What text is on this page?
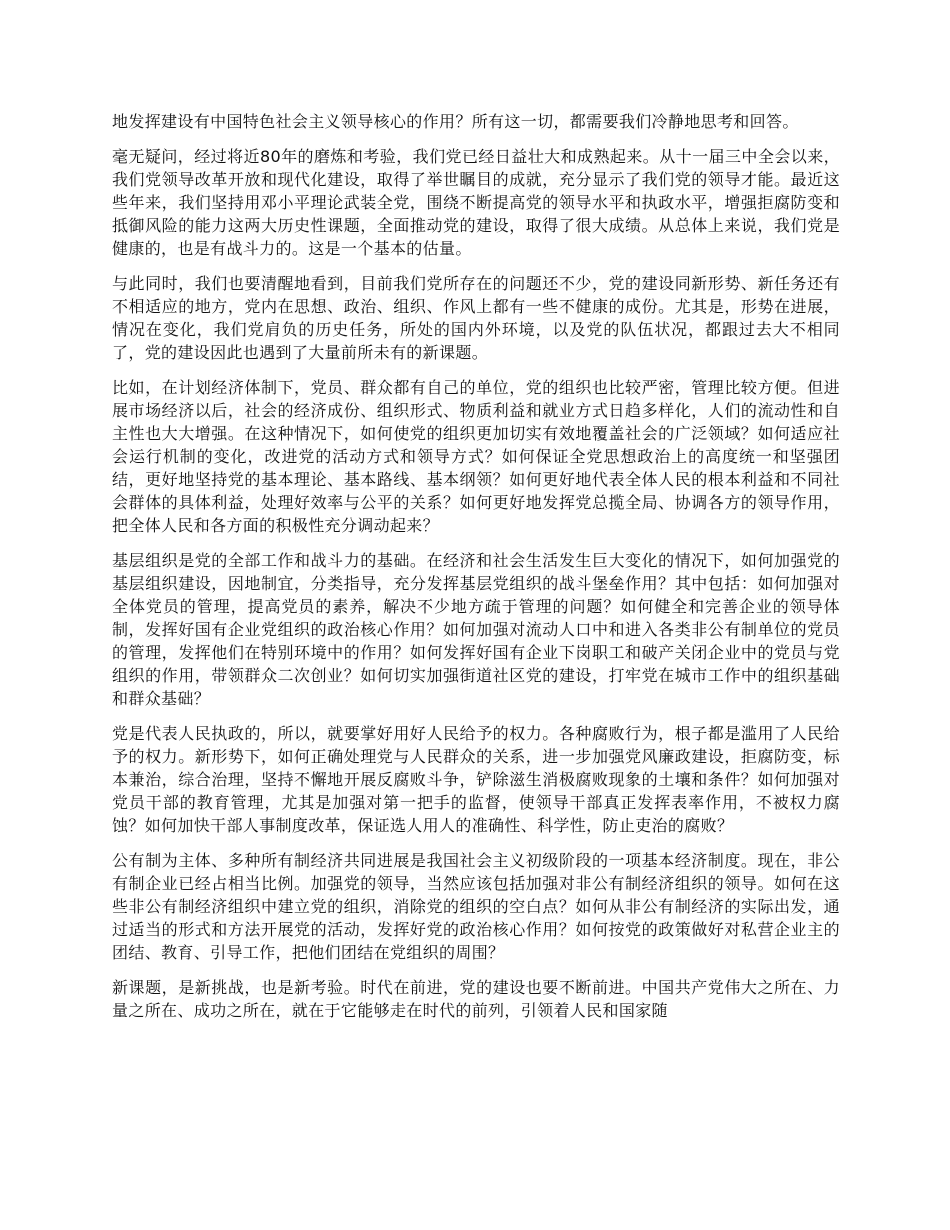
地发挥建设有中国特色社会主义领导核心的作用？所有这一切，都需要我们冷静地思考和回答。

毫无疑问，经过将近80年的磨炼和考验，我们党已经日益壮大和成熟起来。从十一届三中全会以来，我们党领导改革开放和现代化建设，取得了举世瞩目的成就，充分显示了我们党的领导才能。最近这些年来，我们坚持用邓小平理论武装全党，围绕不断提高党的领导水平和执政水平，增强拒腐防变和抵御风险的能力这两大历史性课题，全面推动党的建设，取得了很大成绩。从总体上来说，我们党是健康的，也是有战斗力的。这是一个基本的估量。

与此同时，我们也要清醒地看到，目前我们党所存在的问题还不少，党的建设同新形势、新任务还有不相适应的地方，党内在思想、政治、组织、作风上都有一些不健康的成份。尤其是，形势在进展，情况在变化，我们党肩负的历史任务，所处的国内外环境，以及党的队伍状况，都跟过去大不相同了，党的建设因此也遇到了大量前所未有的新课题。

比如，在计划经济体制下，党员、群众都有自己的单位，党的组织也比较严密，管理比较方便。但进展市场经济以后，社会的经济成份、组织形式、物质利益和就业方式日趋多样化，人们的流动性和自主性也大大增强。在这种情况下，如何使党的组织更加切实有效地覆盖社会的广泛领域？如何适应社会运行机制的变化，改进党的活动方式和领导方式？如何保证全党思想政治上的高度统一和坚强团结，更好地坚持党的基本理论、基本路线、基本纲领？如何更好地代表全体人民的根本利益和不同社会群体的具体利益，处理好效率与公平的关系？如何更好地发挥党总揽全局、协调各方的领导作用，把全体人民和各方面的积极性充分调动起来？

基层组织是党的全部工作和战斗力的基础。在经济和社会生活发生巨大变化的情况下，如何加强党的基层组织建设，因地制宜，分类指导，充分发挥基层党组织的战斗堡垒作用？其中包括：如何加强对全体党员的管理，提高党员的素养，解决不少地方疏于管理的问题？如何健全和完善企业的领导体制，发挥好国有企业党组织的政治核心作用？如何加强对流动人口中和进入各类非公有制单位的党员的管理，发挥他们在特别环境中的作用？如何发挥好国有企业下岗职工和破产关闭企业中的党员与党组织的作用，带领群众二次创业？如何切实加强街道社区党的建设，打牢党在城市工作中的组织基础和群众基础？

党是代表人民执政的，所以，就要掌好用好人民给予的权力。各种腐败行为，根子都是滥用了人民给予的权力。新形势下，如何正确处理党与人民群众的关系，进一步加强党风廉政建设，拒腐防变，标本兼治，综合治理，坚持不懈地开展反腐败斗争，铲除滋生消极腐败现象的土壤和条件？如何加强对党员干部的教育管理，尤其是加强对第一把手的监督，使领导干部真正发挥表率作用，不被权力腐蚀？如何加快干部人事制度改革，保证选人用人的准确性、科学性，防止吏治的腐败？

公有制为主体、多种所有制经济共同进展是我国社会主义初级阶段的一项基本经济制度。现在，非公有制企业已经占相当比例。加强党的领导，当然应该包括加强对非公有制经济组织的领导。如何在这些非公有制经济组织中建立党的组织，消除党的组织的空白点？如何从非公有制经济的实际出发，通过适当的形式和方法开展党的活动，发挥好党的政治核心作用？如何按党的政策做好对私营企业主的团结、教育、引导工作，把他们团结在党组织的周围？

新课题，是新挑战，也是新考验。时代在前进，党的建设也要不断前进。中国共产党伟大之所在、力量之所在、成功之所在，就在于它能够走在时代的前列，引领着人民和国家随
